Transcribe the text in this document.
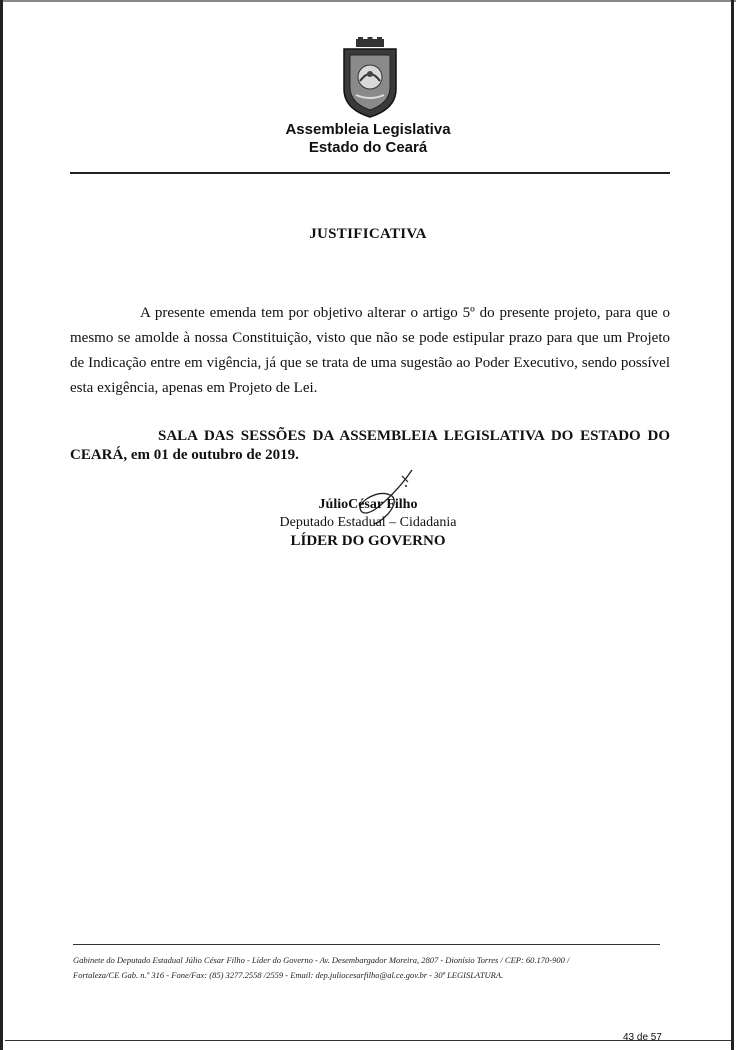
Assembleia Legislativa
Estado do Ceará
JUSTIFICATIVA

A presente emenda tem por objetivo alterar o artigo 5º do presente projeto, para que o mesmo se amolde à nossa Constituição, visto que não se pode estipular prazo para que um Projeto de Indicação entre em vigência, já que se trata de uma sugestão ao Poder Executivo, sendo possível esta exigência, apenas em Projeto de Lei.

SALA DAS SESSÕES DA ASSEMBLEIA LEGISLATIVA DO ESTADO DO CEARÁ, em 01 de outubro de 2019.

JúlioCésar Filho
Deputado Estadual – Cidadania
LÍDER DO GOVERNO
Gabinete do Deputado Estadual Júlio César Filho - Líder do Governo - Av. Desembargador Moreira, 2807 - Dionísio Torres / CEP: 60.170-900 /
Fortaleza/CE Gab. n.º 316 - Fone/Fax: (85) 3277.2558 /2559 - Email: dep.juliocesarfilho@al.ce.gov.br - 30ª LEGISLATURA.
43 de 57
